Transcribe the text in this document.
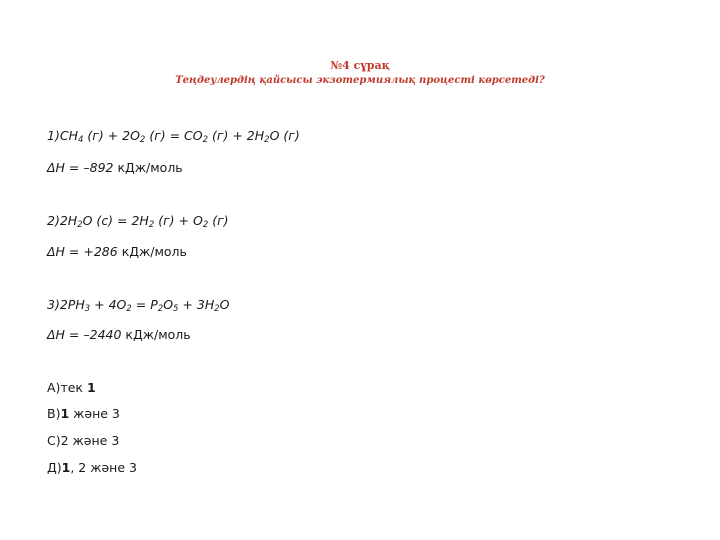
№4 сұрақ
Теңдеулердің қайсысы экзотермиялық процесті көрсетеді?
$1)CH_4$ $(г) + 2O_2$ $(г) = CO_2$ $(г) + 2H_2O$ (г)
ΔH = –892 кДж/моль
$2)2H_2O$ $(с) = 2H_2$ $(г) + O_2$ (г)
ΔH = +286 кДж/моль
$3)2PH_3 + 4O_2 = P_2O_5 + 3H_2O$
ΔH = –2440 кДж/моль
А)тек 1
В)1 және 3
С)2 және 3
Д)1, 2 және 3
